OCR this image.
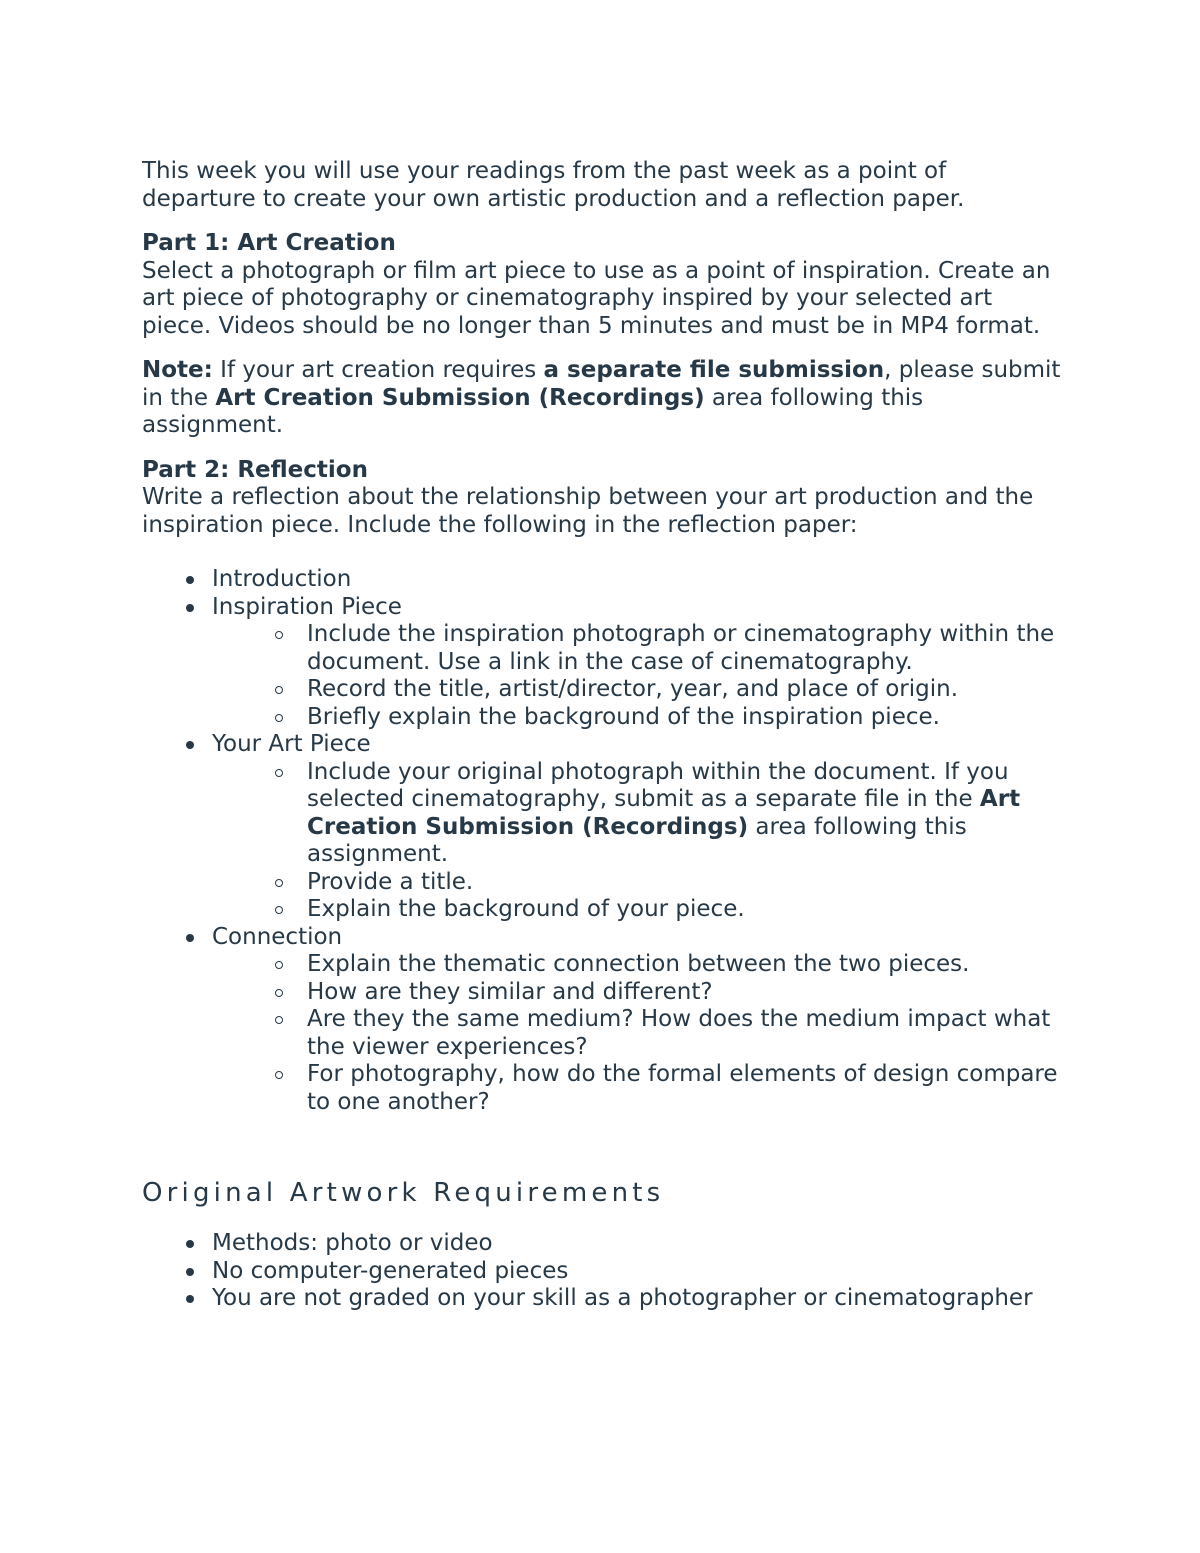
This week you will use your readings from the past week as a point of departure to create your own artistic production and a reflection paper.

Part 1: Art Creation

Select a photograph or film art piece to use as a point of inspiration. Create an art piece of photography or cinematography inspired by your selected art piece. Videos should be no longer than 5 minutes and must be in MP4 format.

Note: If your art creation requires a separate file submission, please submit in the Art Creation Submission (Recordings) area following this assignment.

Part 2: Reflection

Write a reflection about the relationship between your art production and the inspiration piece. Include the following in the reflection paper:

Introduction
Inspiration Piece
Include the inspiration photograph or cinematography within the document. Use a link in the case of cinematography.
Record the title, artist/director, year, and place of origin.
Briefly explain the background of the inspiration piece.
Your Art Piece
Include your original photograph within the document. If you selected cinematography, submit as a separate file in the Art Creation Submission (Recordings) area following this assignment.
Provide a title.
Explain the background of your piece.
Connection
Explain the thematic connection between the two pieces.
How are they similar and different?
Are they the same medium? How does the medium impact what the viewer experiences?
For photography, how do the formal elements of design compare to one another?

Original Artwork Requirements

Methods: photo or video
No computer-generated pieces
You are not graded on your skill as a photographer or cinematographer
